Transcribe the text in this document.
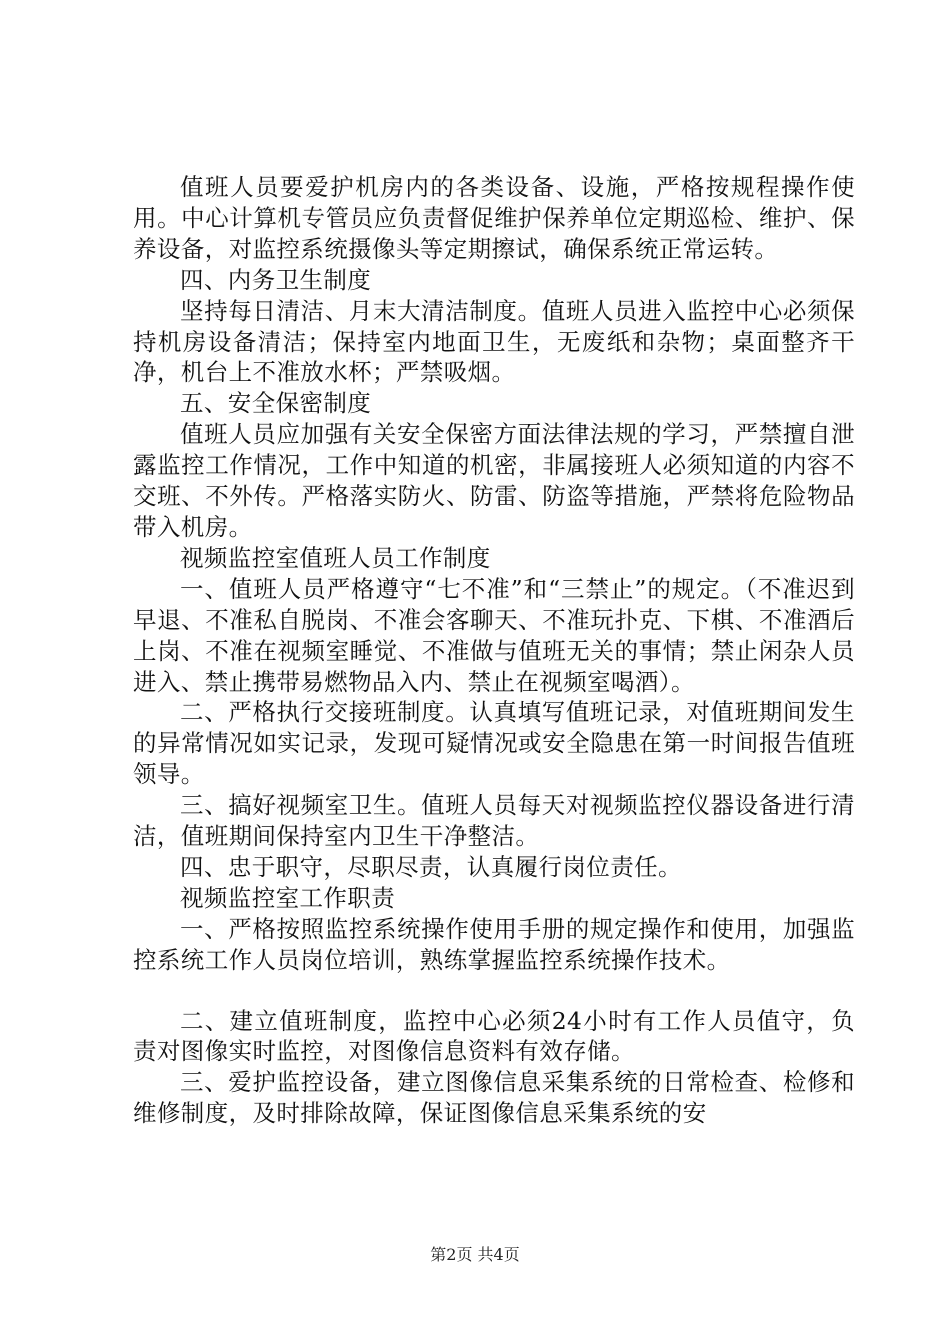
值班人员要爱护机房内的各类设备、设施，严格按规程操作使用。中心计算机专管员应负责督促维护保养单位定期巡检、维护、保养设备，对监控系统摄像头等定期擦试，确保系统正常运转。

四、内务卫生制度

坚持每日清洁、月末大清洁制度。值班人员进入监控中心必须保持机房设备清洁；保持室内地面卫生，无废纸和杂物；桌面整齐干净，机台上不准放水杯；严禁吸烟。

五、安全保密制度

值班人员应加强有关安全保密方面法律法规的学习，严禁擅自泄露监控工作情况，工作中知道的机密，非属接班人必须知道的内容不交班、不外传。严格落实防火、防雷、防盗等措施，严禁将危险物品带入机房。

视频监控室值班人员工作制度

一、值班人员严格遵守“七不准”和“三禁止”的规定。（不准迟到早退、不准私自脱岗、不准会客聊天、不准玩扑克、下棋、不准酒后上岗、不准在视频室睡觉、不准做与值班无关的事情；禁止闲杂人员进入、禁止携带易燃物品入内、禁止在视频室喝酒）。

二、严格执行交接班制度。认真填写值班记录，对值班期间发生的异常情况如实记录，发现可疑情况或安全隐患在第一时间报告值班领导。

三、搞好视频室卫生。值班人员每天对视频监控仪器设备进行清洁，值班期间保持室内卫生干净整洁。

四、忠于职守，尽职尽责，认真履行岗位责任。

视频监控室工作职责

一、严格按照监控系统操作使用手册的规定操作和使用，加强监控系统工作人员岗位培训，熟练掌握监控系统操作技术。

二、建立值班制度，监控中心必须24小时有工作人员值守，负责对图像实时监控，对图像信息资料有效存储。

三、爱护监控设备，建立图像信息采集系统的日常检查、检修和维修制度，及时排除故障，保证图像信息采集系统的安

第2页 共4页
